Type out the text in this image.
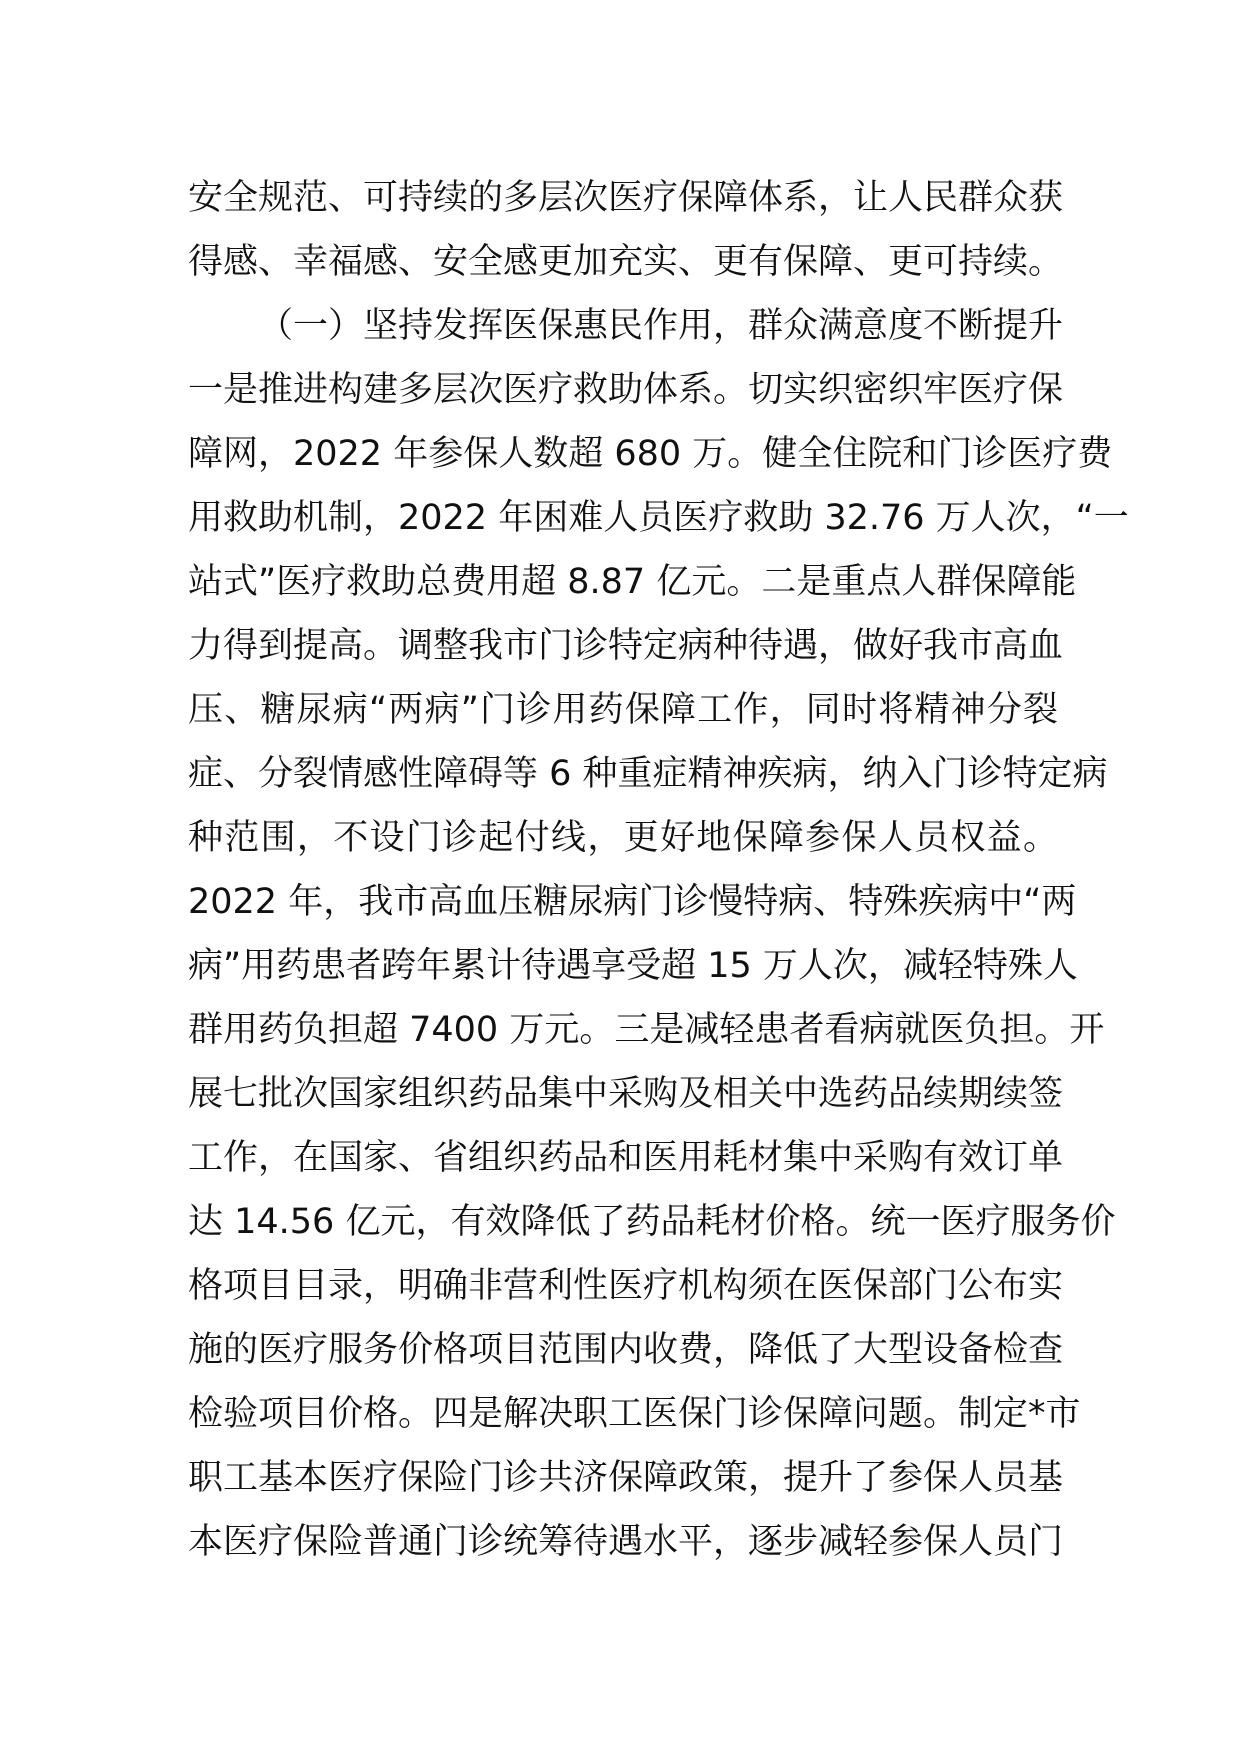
安全规范、可持续的多层次医疗保障体系，让人民群众获
得感、幸福感、安全感更加充实、更有保障、更可持续。
（一）坚持发挥医保惠民作用，群众满意度不断提升
一是推进构建多层次医疗救助体系。切实织密织牢医疗保
障网，2022 年参保人数超 680 万。健全住院和门诊医疗费
用救助机制，2022 年困难人员医疗救助 32.76 万人次，“一
站式”医疗救助总费用超 8.87 亿元。二是重点人群保障能
力得到提高。调整我市门诊特定病种待遇，做好我市高血
压、糖尿病“两病”门诊用药保障工作，同时将精神分裂
症、分裂情感性障碍等 6 种重症精神疾病，纳入门诊特定病
种范围，不设门诊起付线，更好地保障参保人员权益。
2022 年，我市高血压糖尿病门诊慢特病、特殊疾病中“两
病”用药患者跨年累计待遇享受超 15 万人次，减轻特殊人
群用药负担超 7400 万元。三是减轻患者看病就医负担。开
展七批次国家组织药品集中采购及相关中选药品续期续签
工作，在国家、省组织药品和医用耗材集中采购有效订单
达 14.56 亿元，有效降低了药品耗材价格。统一医疗服务价
格项目目录，明确非营利性医疗机构须在医保部门公布实
施的医疗服务价格项目范围内收费，降低了大型设备检查
检验项目价格。四是解决职工医保门诊保障问题。制定*市
职工基本医疗保险门诊共济保障政策，提升了参保人员基
本医疗保险普通门诊统筹待遇水平，逐步减轻参保人员门
